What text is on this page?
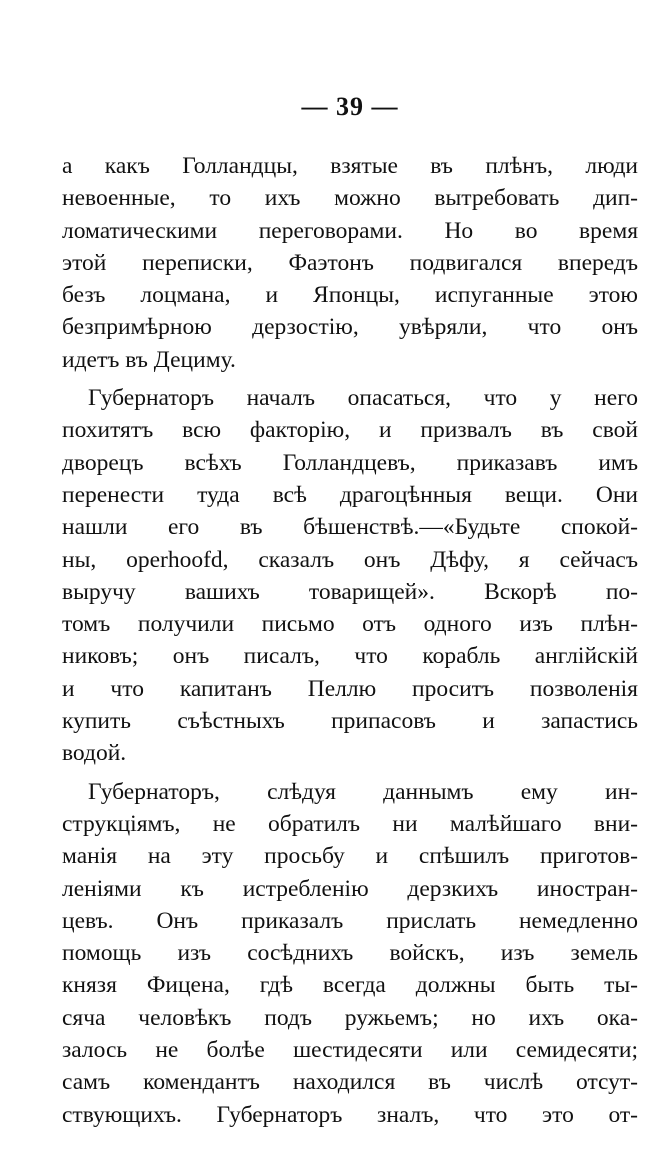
— 39 —
а какъ Голландцы, взятые въ плѣнъ, люди
невоенные, то ихъ можно вытребовать дип-
ломатическими переговорами. Но во время
этой переписки, Фаэтонъ подвигался впередъ
безъ лоцмана, и Японцы, испуганные этою
безпримѣрною дерзостію, увѣряли, что онъ
идетъ въ Дециму.
Губернаторъ началъ опасаться, что у него
похитятъ всю факторію, и призвалъ въ свой
дворецъ всѣхъ Голландцевъ, приказавъ имъ
перенести туда всѣ драгоцѣнныя вещи. Они
нашли его въ бѣшенствѣ.—«Будьте спокой-
ны, operhoofd, сказалъ онъ Дѣфу, я сейчасъ
выручу вашихъ товарищей». Вскорѣ по-
томъ получили письмо отъ одного изъ плѣн-
никовъ; онъ писалъ, что корабль англійскій
и что капитанъ Пеллю проситъ позволенія
купить съѣстныхъ припасовъ и запастись
водой.
Губернаторъ, слѣдуя даннымъ ему ин-
струкціямъ, не обратилъ ни малѣйшаго вни-
манія на эту просьбу и спѣшилъ приготов-
леніями къ истребленію дерзкихъ иностран-
цевъ. Онъ приказалъ прислать немедленно
помощь изъ сосѣднихъ войскъ, изъ земель
князя Фицена, гдѣ всегда должны быть ты-
сяча человѣкъ подъ ружьемъ; но ихъ ока-
залось не болѣе шестидесяти или семидесяти;
самъ комендантъ находился въ числѣ отсут-
ствующихъ. Губернаторъ зналъ, что это от-
